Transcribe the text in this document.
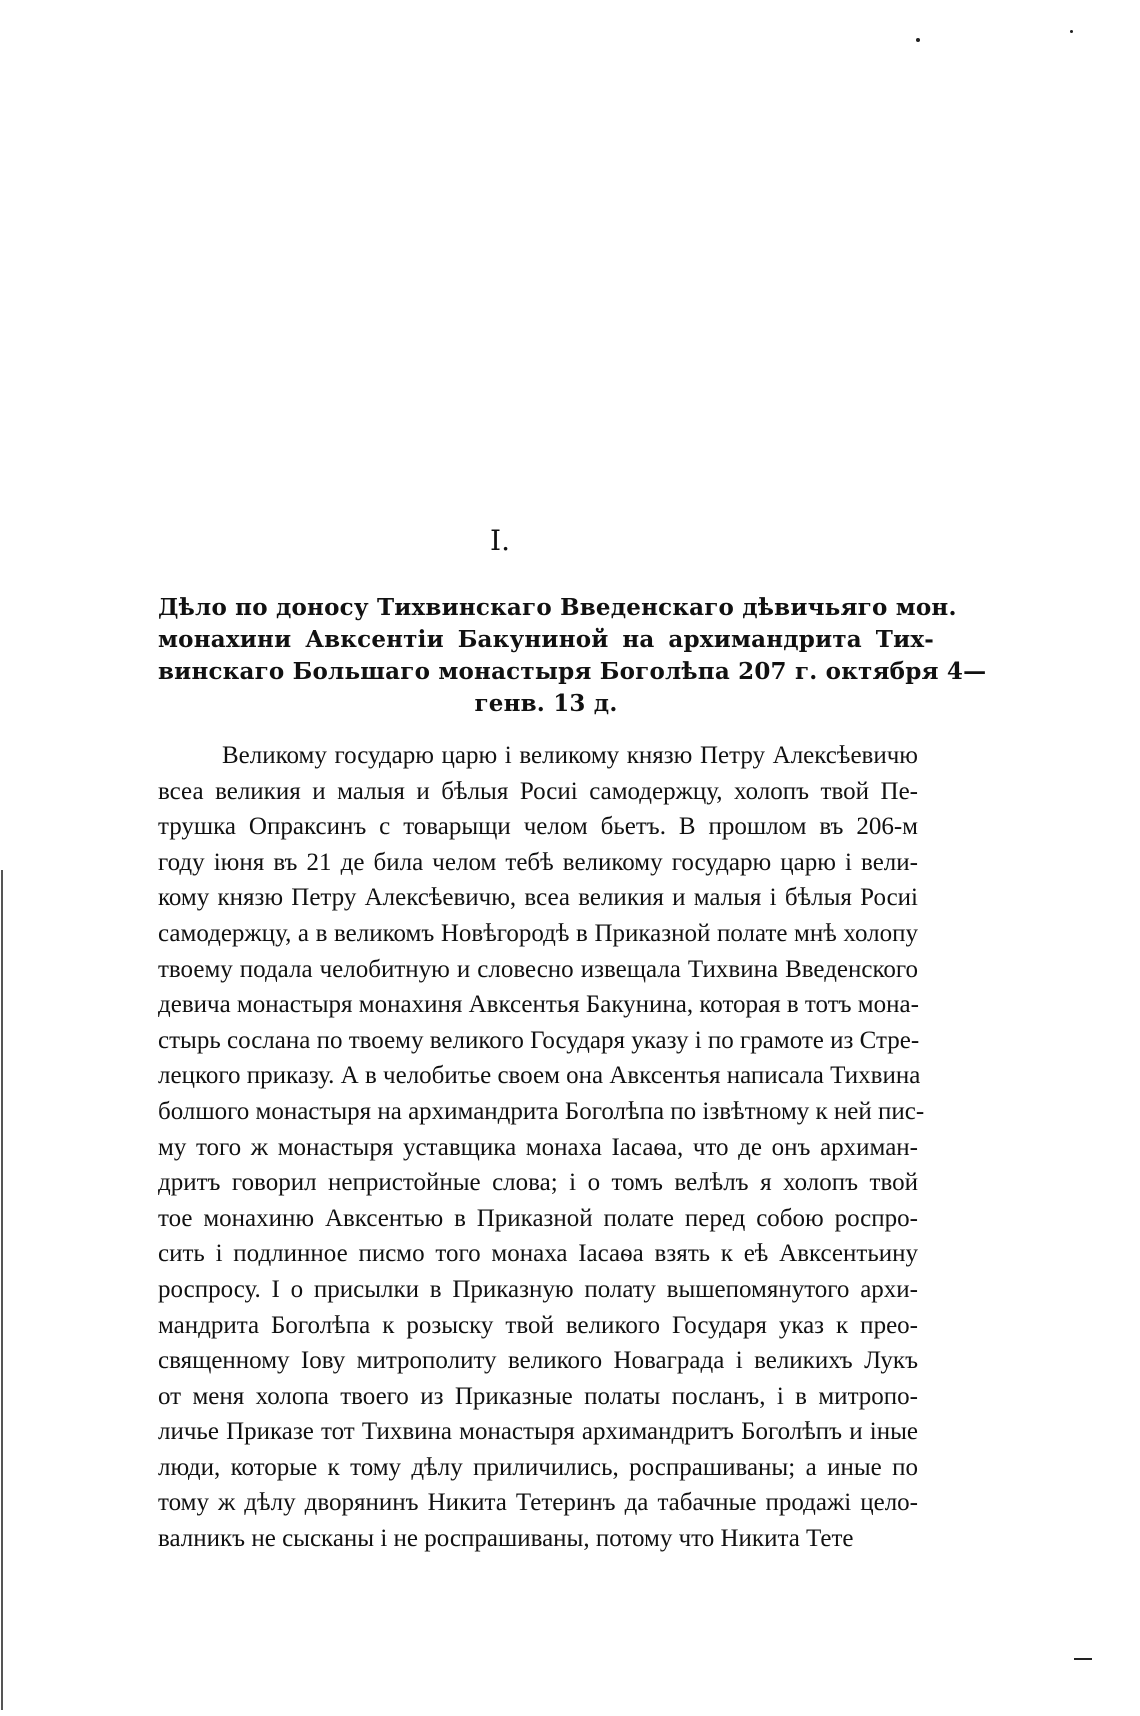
I.
Дѣло по доносу Тихвинскаго Введенскаго дѣвичьяго мон.
монахини Авксентіи Бакуниной на архимандрита Тих-
винскаго Большаго монастыря Боголѣпа 207 г. октября 4—
генв. 13 д.
Великому государю царю і великому князю Петру Алексѣевичю
всеа великия и малыя и бѣлыя Росиі самодержцу, холопъ твой Пе-
трушка Опраксинъ с товарыщи челом бьетъ. В прошлом въ 206-м
году іюня въ 21 де била челом тебѣ великому государю царю і вели-
кому князю Петру Алексѣевичю, всеа великия и малыя і бѣлыя Росиі
самодержцу, а в великомъ Новѣгородѣ в Приказной полате мнѣ холопу
твоему подала челобитную и словесно извещала Тихвина Введенского
девича монастыря монахиня Авксентья Бакунина, которая в тотъ мона-
стырь сослана по твоему великого Государя указу і по грамоте из Стре-
лецкого приказу. А в челобитье своем она Авксентья написала Тихвина
болшого монастыря на архимандрита Боголѣпа по ізвѣтному к ней пис-
му того ж монастыря уставщика монаха Іасаѳа, что де онъ архиман-
дритъ говорил непристойные слова; і о томъ велѣлъ я холопъ твой
тое монахиню Авксентью в Приказной полате перед собою роспро-
сить і подлинное писмо того монаха Іасаѳа взять к еѣ Авксентьину
роспросу. І о присылки в Приказную полату вышепомянутого архи-
мандрита Боголѣпа к розыску твой великого Государя указ к прео-
священному Іову митрополиту великого Новаграда і великихъ Лукъ
от меня холопа твоего из Приказные полаты посланъ, і в митропо-
личье Приказе тот Тихвина монастыря архимандритъ Боголѣпъ и іные
люди, которые к тому дѣлу приличились, роспрашиваны; а иные по
тому ж дѣлу дворянинъ Никита Тетеринъ да табачные продажі цело-
валникъ не сысканы і не роспрашиваны, потому что Никита Тете
